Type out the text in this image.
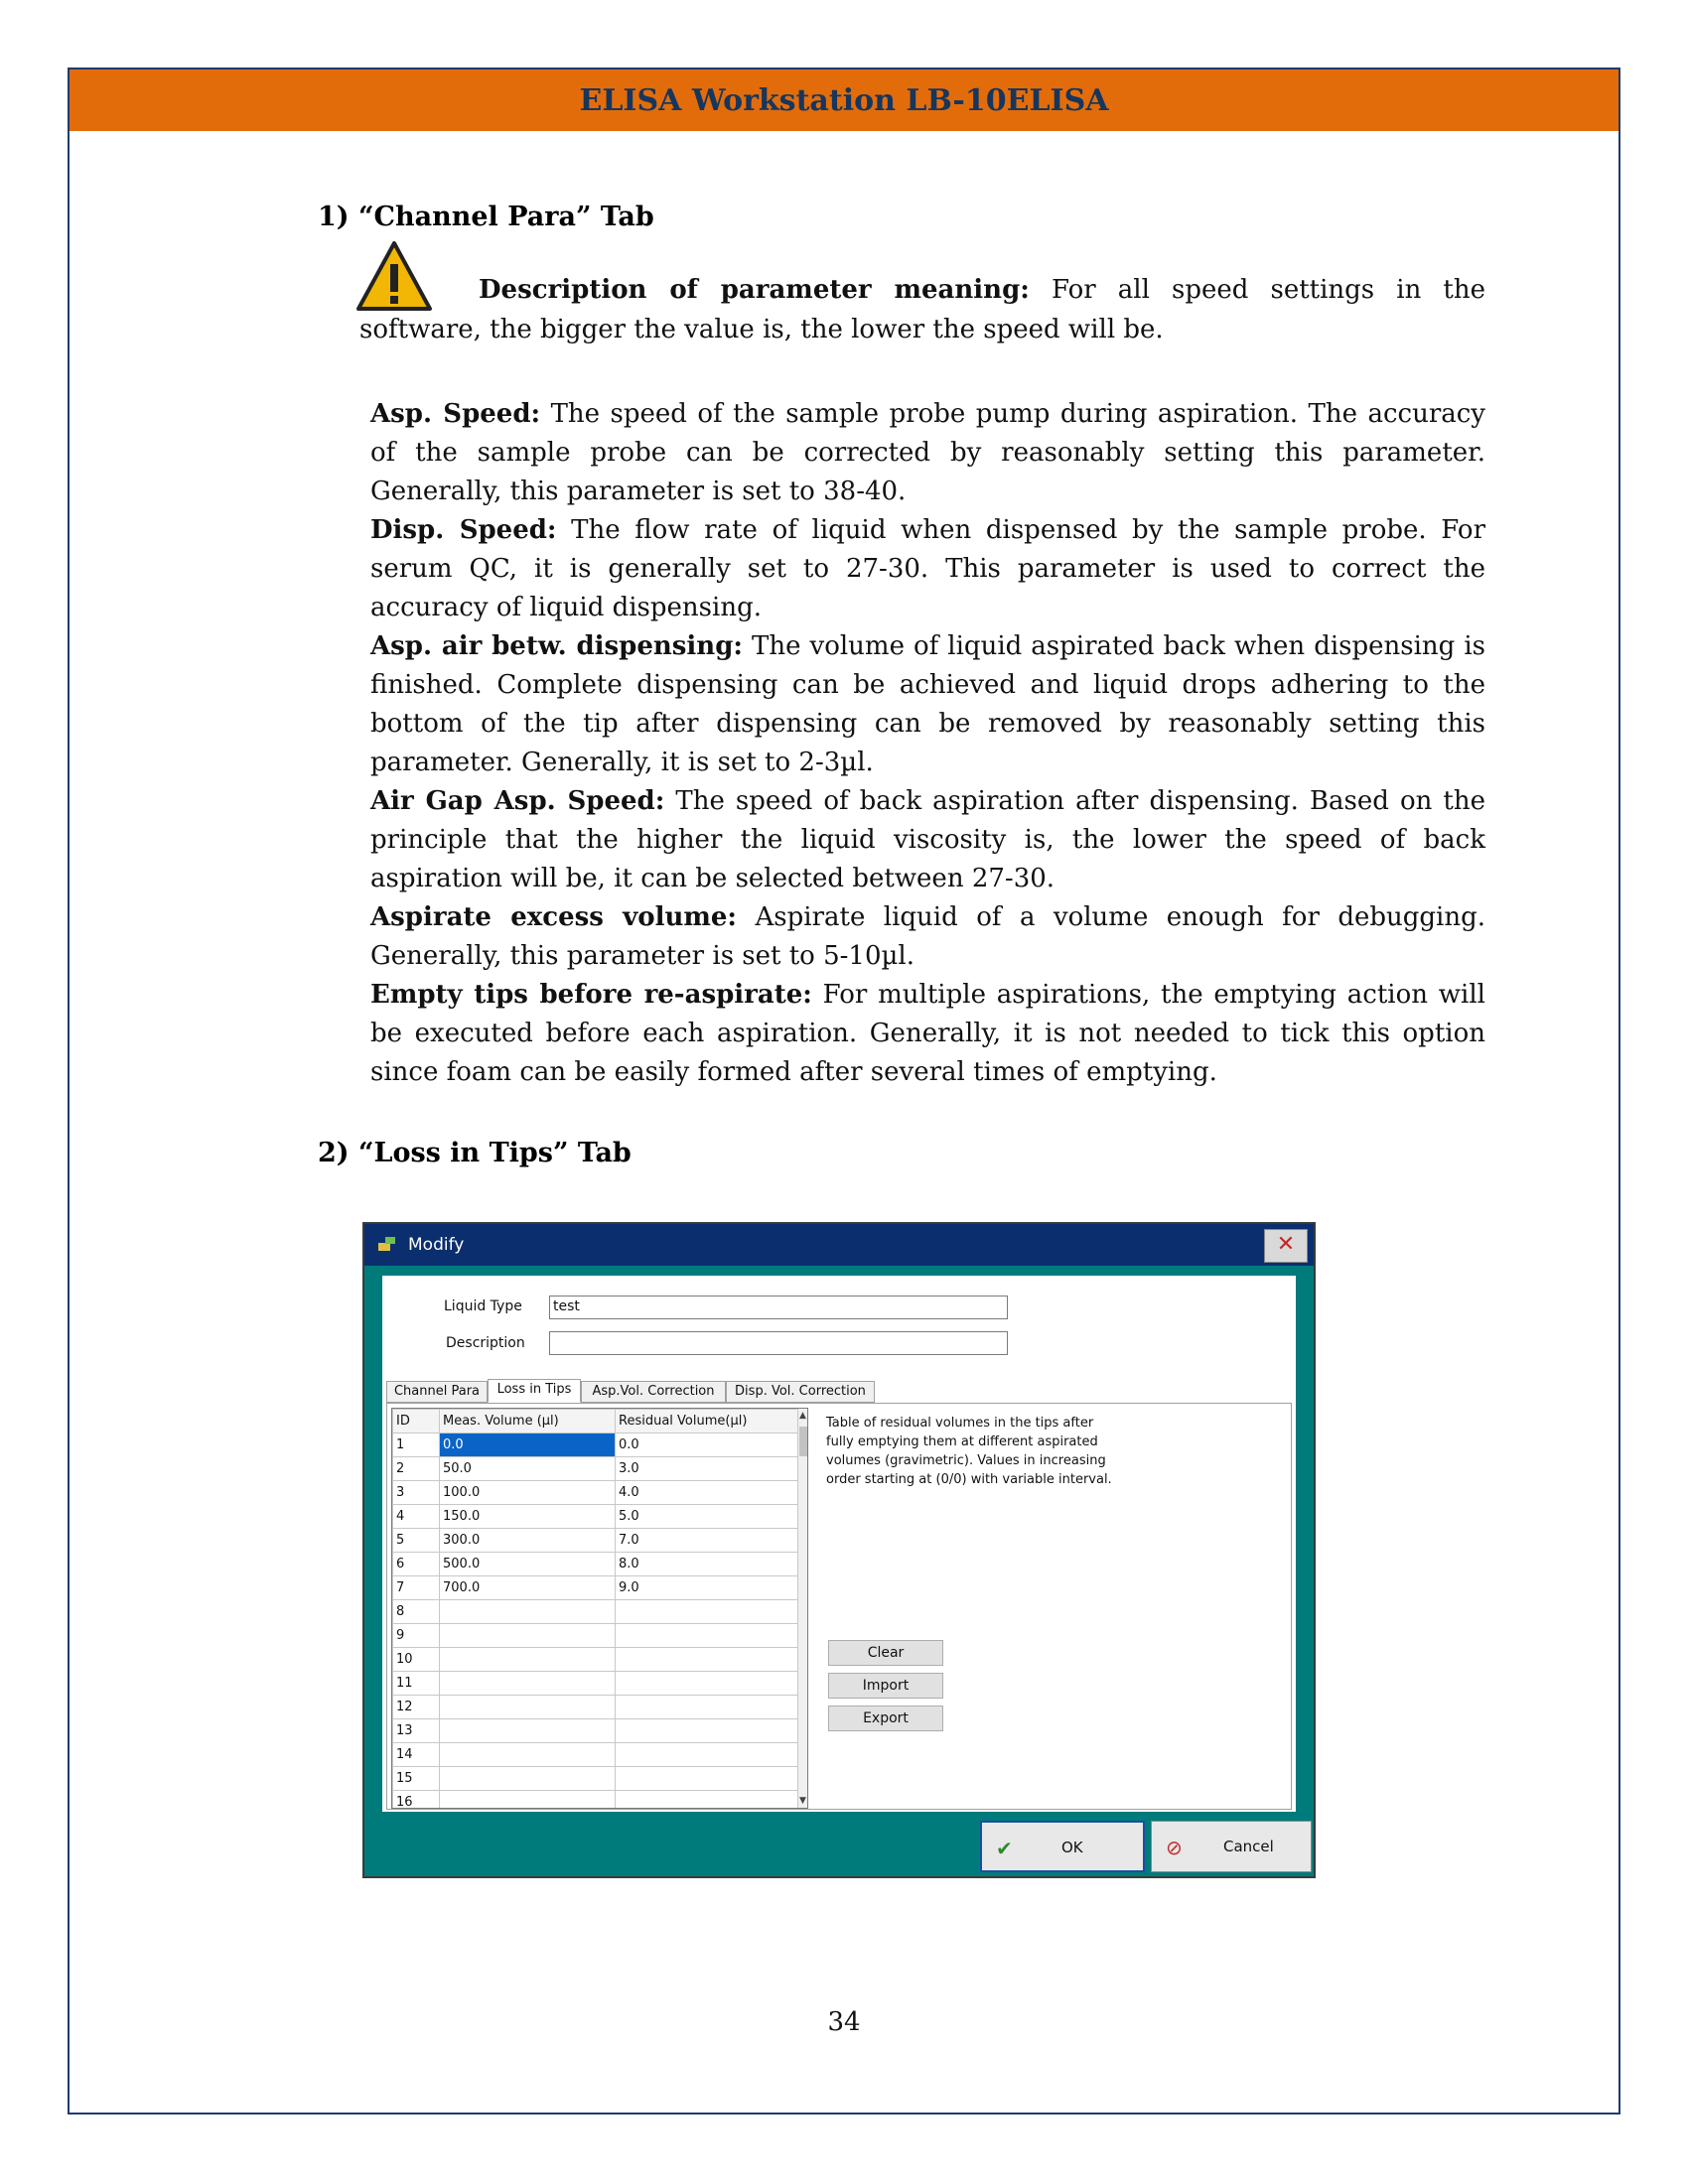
ELISA Workstation LB-10ELISA
1) “Channel Para” Tab
Description of parameter meaning: For all speed settings in the software, the bigger the value is, the lower the speed will be.

Asp. Speed: The speed of the sample probe pump during aspiration. The accuracy of the sample probe can be corrected by reasonably setting this parameter. Generally, this parameter is set to 38-40.

Disp. Speed: The flow rate of liquid when dispensed by the sample probe. For serum QC, it is generally set to 27-30. This parameter is used to correct the accuracy of liquid dispensing.

Asp. air betw. dispensing: The volume of liquid aspirated back when dispensing is finished. Complete dispensing can be achieved and liquid drops adhering to the bottom of the tip after dispensing can be removed by reasonably setting this parameter. Generally, it is set to 2-3µl.

Air Gap Asp. Speed: The speed of back aspiration after dispensing. Based on the principle that the higher the liquid viscosity is, the lower the speed of back aspiration will be, it can be selected between 27-30.

Aspirate excess volume: Aspirate liquid of a volume enough for debugging. Generally, this parameter is set to 5-10µl.

Empty tips before re-aspirate: For multiple aspirations, the emptying action will be executed before each aspiration. Generally, it is not needed to tick this option since foam can be easily formed after several times of emptying.

2) “Loss in Tips” Tab
Modify	✕
Liquid Type test
Description
Channel Para	Loss in Tips	Asp.Vol. Correction	Disp. Vol. Correction
ID	Meas. Volume (µl)	Residual Volume(µl)
1	0.0	0.0
2	50.0	3.0
3	100.0	4.0
4	150.0	5.0
5	300.0	7.0
6	500.0	8.0
7	700.0	9.0
8		
9		
10		
11		
12		
13		
14		
15		
16		
▲
▼
Table of residual volumes in the tips after fully emptying them at different aspirated volumes (gravimetric). Values in increasing order starting at (0/0) with variable interval.
Clear
Import
Export
✔	OK	⊘	Cancel
34
